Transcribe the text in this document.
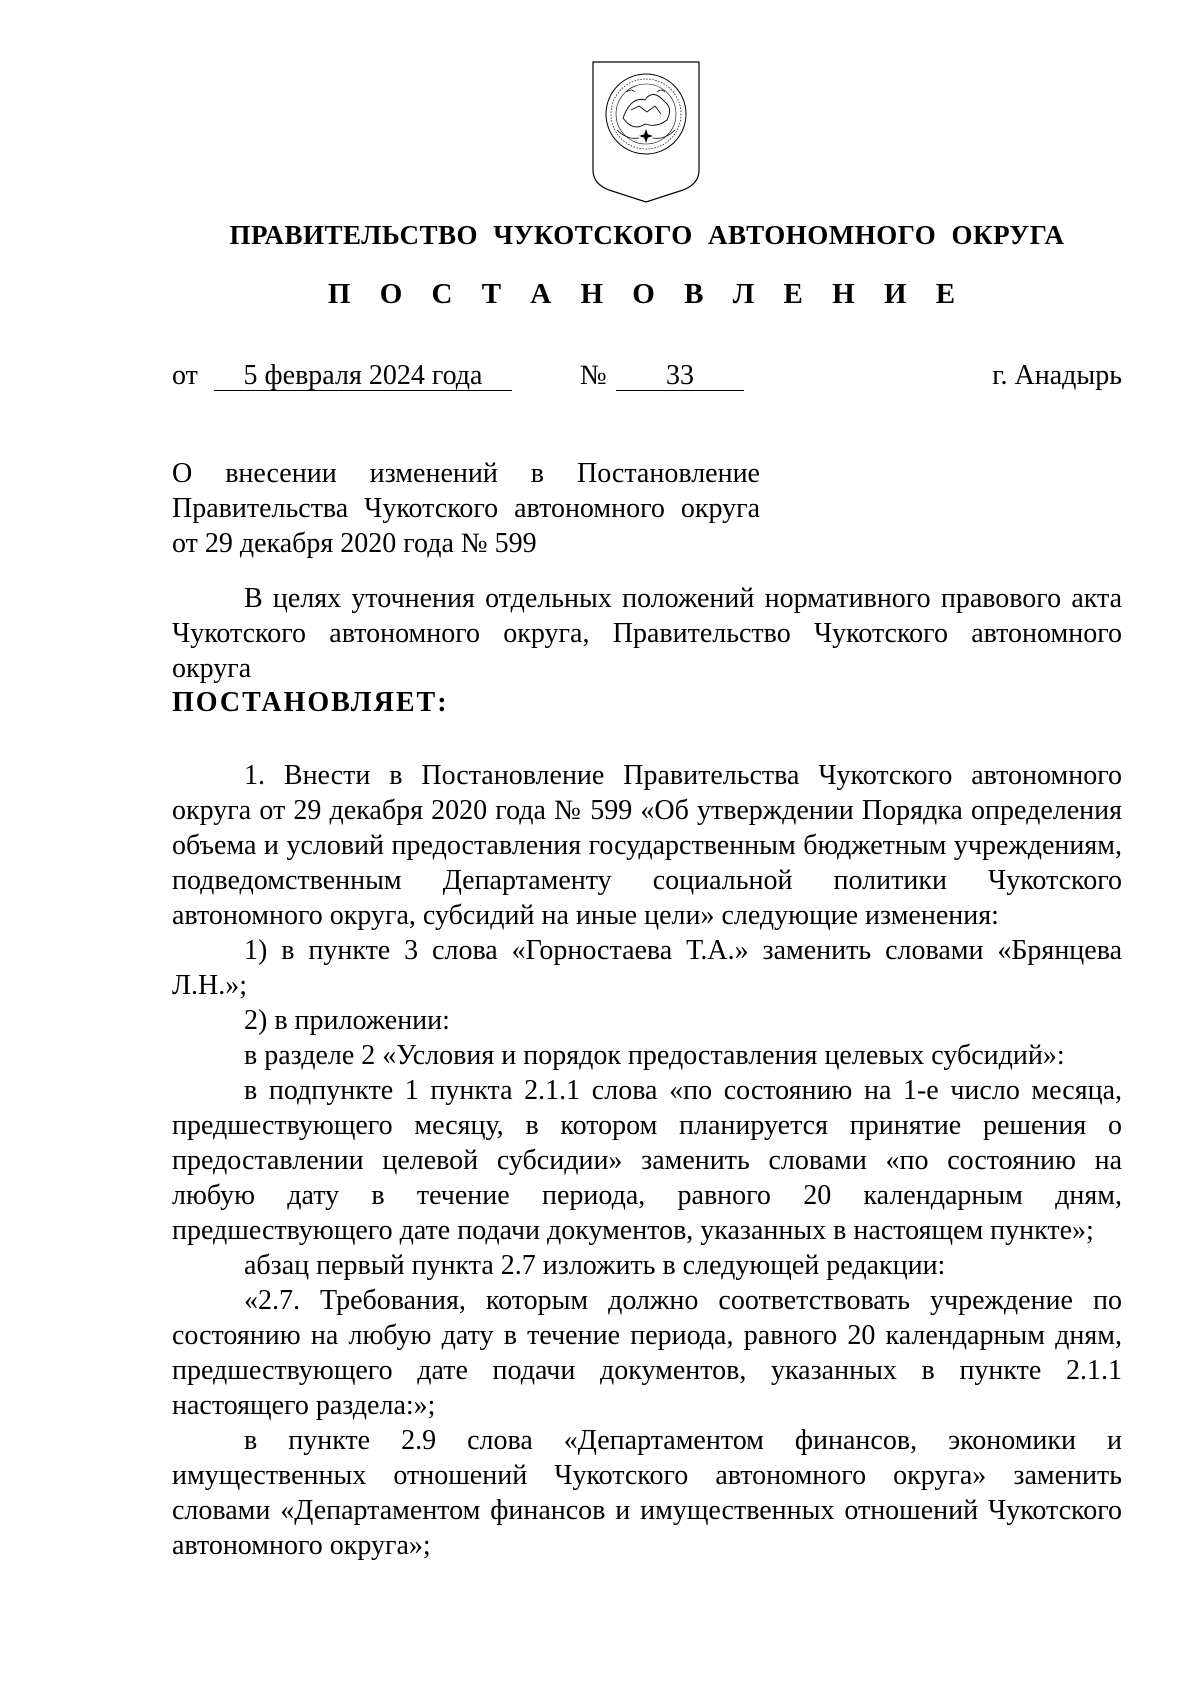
ПРАВИТЕЛЬСТВО ЧУКОТСКОГО АВТОНОМНОГО ОКРУГА
П О С Т А Н О В Л Е Н И Е
от	5 февраля 2024 года	№	33	г. Анадырь
О внесении изменений в Постановление
Правительства Чукотского автономного округа
от 29 декабря 2020 года № 599

В целях уточнения отдельных положений нормативного правового акта Чукотского автономного округа, Правительство Чукотского автономного округа

ПОСТАНОВЛЯЕТ:

1. Внести в Постановление Правительства Чукотского автономного округа от 29 декабря 2020 года № 599 «Об утверждении Порядка определения объема и условий предоставления государственным бюджетным учреждениям, подведомственным Департаменту социальной политики Чукотского автономного округа, субсидий на иные цели» следующие изменения:

1) в пункте 3 слова «Горностаева Т.А.» заменить словами «Брянцева Л.Н.»;

2) в приложении:

в разделе 2 «Условия и порядок предоставления целевых субсидий»:

в подпункте 1 пункта 2.1.1 слова «по состоянию на 1-е число месяца, предшествующего месяцу, в котором планируется принятие решения о предоставлении целевой субсидии» заменить словами «по состоянию на любую дату в течение периода, равного 20 календарным дням, предшествующего дате подачи документов, указанных в настоящем пункте»;

абзац первый пункта 2.7 изложить в следующей редакции:

«2.7. Требования, которым должно соответствовать учреждение по состоянию на любую дату в течение периода, равного 20 календарным дням, предшествующего дате подачи документов, указанных в пункте 2.1.1 настоящего раздела:»;

в пункте 2.9 слова «Департаментом финансов, экономики и имущественных отношений Чукотского автономного округа» заменить словами «Департаментом финансов и имущественных отношений Чукотского автономного округа»;
